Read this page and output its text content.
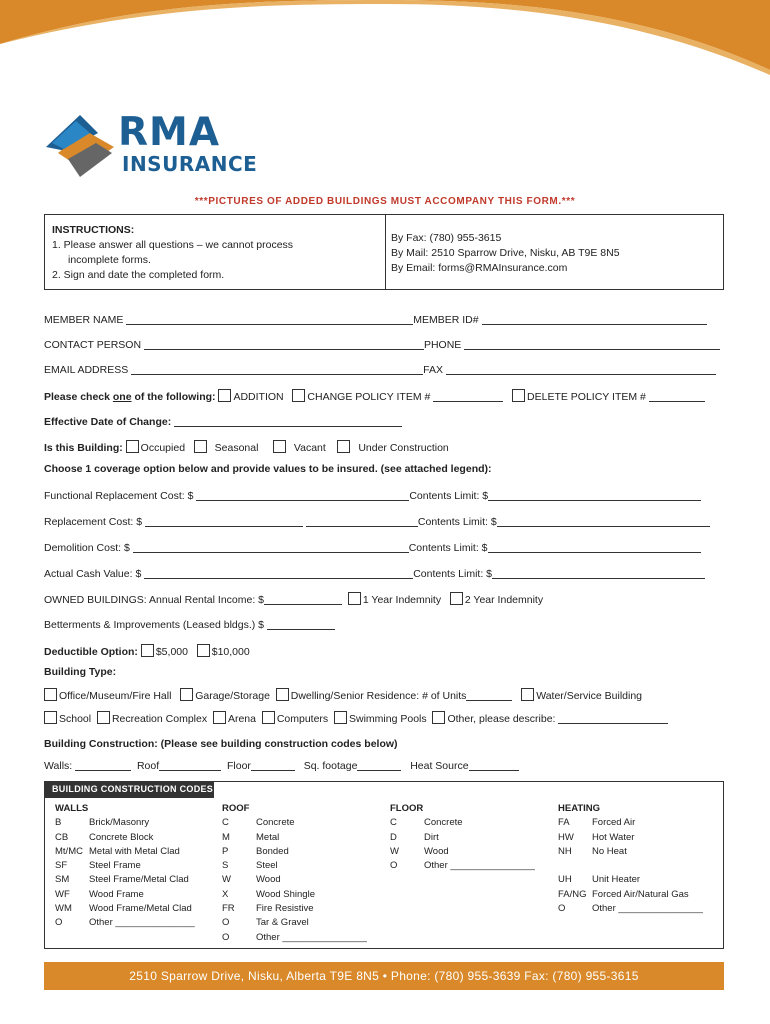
PROPERTY CHANGE FORM
RMA
INSURANCE
***PICTURES OF ADDED BUILDINGS MUST ACCOMPANY THIS FORM.***
INSTRUCTIONS:
1. Please answer all questions – we cannot process
incomplete forms.
2. Sign and date the completed form.
By Fax: (780) 955-3615
By Mail: 2510 Sparrow Drive, Nisku, AB T9E 8N5
By Email: forms@RMAInsurance.com
MEMBER NAME	MEMBER ID#
CONTACT PERSON	PHONE
EMAIL ADDRESS	FAX
Please check one of the following: ADDITION CHANGE POLICY ITEM #	DELETE POLICY ITEM #
Effective Date of Change:
Is this Building: Occupied	Seasonal	Vacant	Under Construction
Choose 1 coverage option below and provide values to be insured. (see attached legend):
Functional Replacement Cost: $	Contents Limit: $
Replacement Cost: $	Contents Limit: $
Demolition Cost: $	Contents Limit: $
Actual Cash Value: $	Contents Limit: $
OWNED BUILDINGS: Annual Rental Income: $	1 Year Indemnity 2 Year Indemnity
Betterments & Improvements (Leased bldgs.) $
Deductible Option: $5,000 $10,000
Building Type:
Office/Museum/Fire Hall Garage/Storage Dwelling/Senior Residence: # of Units	Water/Service Building
School Recreation Complex Arena Computers Swimming Pools Other, please describe:
Building Construction: (Please see building construction codes below)
Walls:	Roof	Floor	Sq. footage	Heat Source
BUILDING CONSTRUCTION CODES
WALLS
B	Brick/Masonry
CB Concrete Block
Mt/MC Metal with Metal Clad
SF Steel Frame
SM Steel Frame/Metal Clad
WF Wood Frame
WM Wood Frame/Metal Clad
O	Other _______________
ROOF
C	Concrete
M	Metal
P	Bonded
S	Steel
W	Wood
X	Wood Shingle
FR Fire Resistive
O	Tar & Gravel
O	Other ________________
FLOOR
C	Concrete
D	Dirt
W	Wood
O	Other ________________
HEATING
FA Forced Air
HW Hot Water
NH No Heat
UH Unit Heater
FA/NG Forced Air/Natural Gas
O	Other ________________
2510 Sparrow Drive, Nisku, Alberta T9E 8N5 • Phone: (780) 955-3639 Fax: (780) 955-3615
